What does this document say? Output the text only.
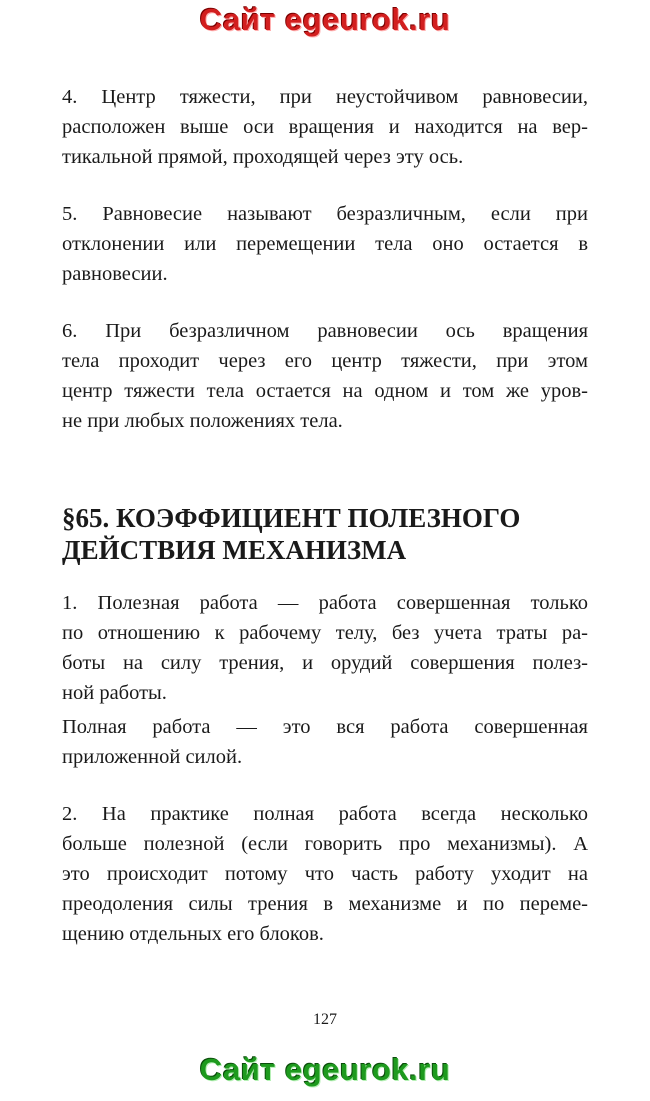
Сайт egeurok.ru
4. Центр тяжести, при неустойчивом равновесии,
расположен выше оси вращения и находится на вер-
тикальной прямой, проходящей через эту ось.
5. Равновесие называют безразличным, если при
отклонении или перемещении тела оно остается в
равновесии.
6. При безразличном равновесии ось вращения
тела проходит через его центр тяжести, при этом
центр тяжести тела остается на одном и том же уров-
не при любых положениях тела.
§65. КОЭФФИЦИЕНТ ПОЛЕЗНОГО
ДЕЙСТВИЯ МЕХАНИЗМА
1. Полезная работа — работа совершенная только
по отношению к рабочему телу, без учета траты ра-
боты на силу трения, и орудий совершения полез-
ной работы.
Полная работа — это вся работа совершенная
приложенной силой.
2. На практике полная работа всегда несколько
больше полезной (если говорить про механизмы). А
это происходит потому что часть работу уходит на
преодоления силы трения в механизме и по переме-
щению отдельных его блоков.
127
Сайт egeurok.ru
